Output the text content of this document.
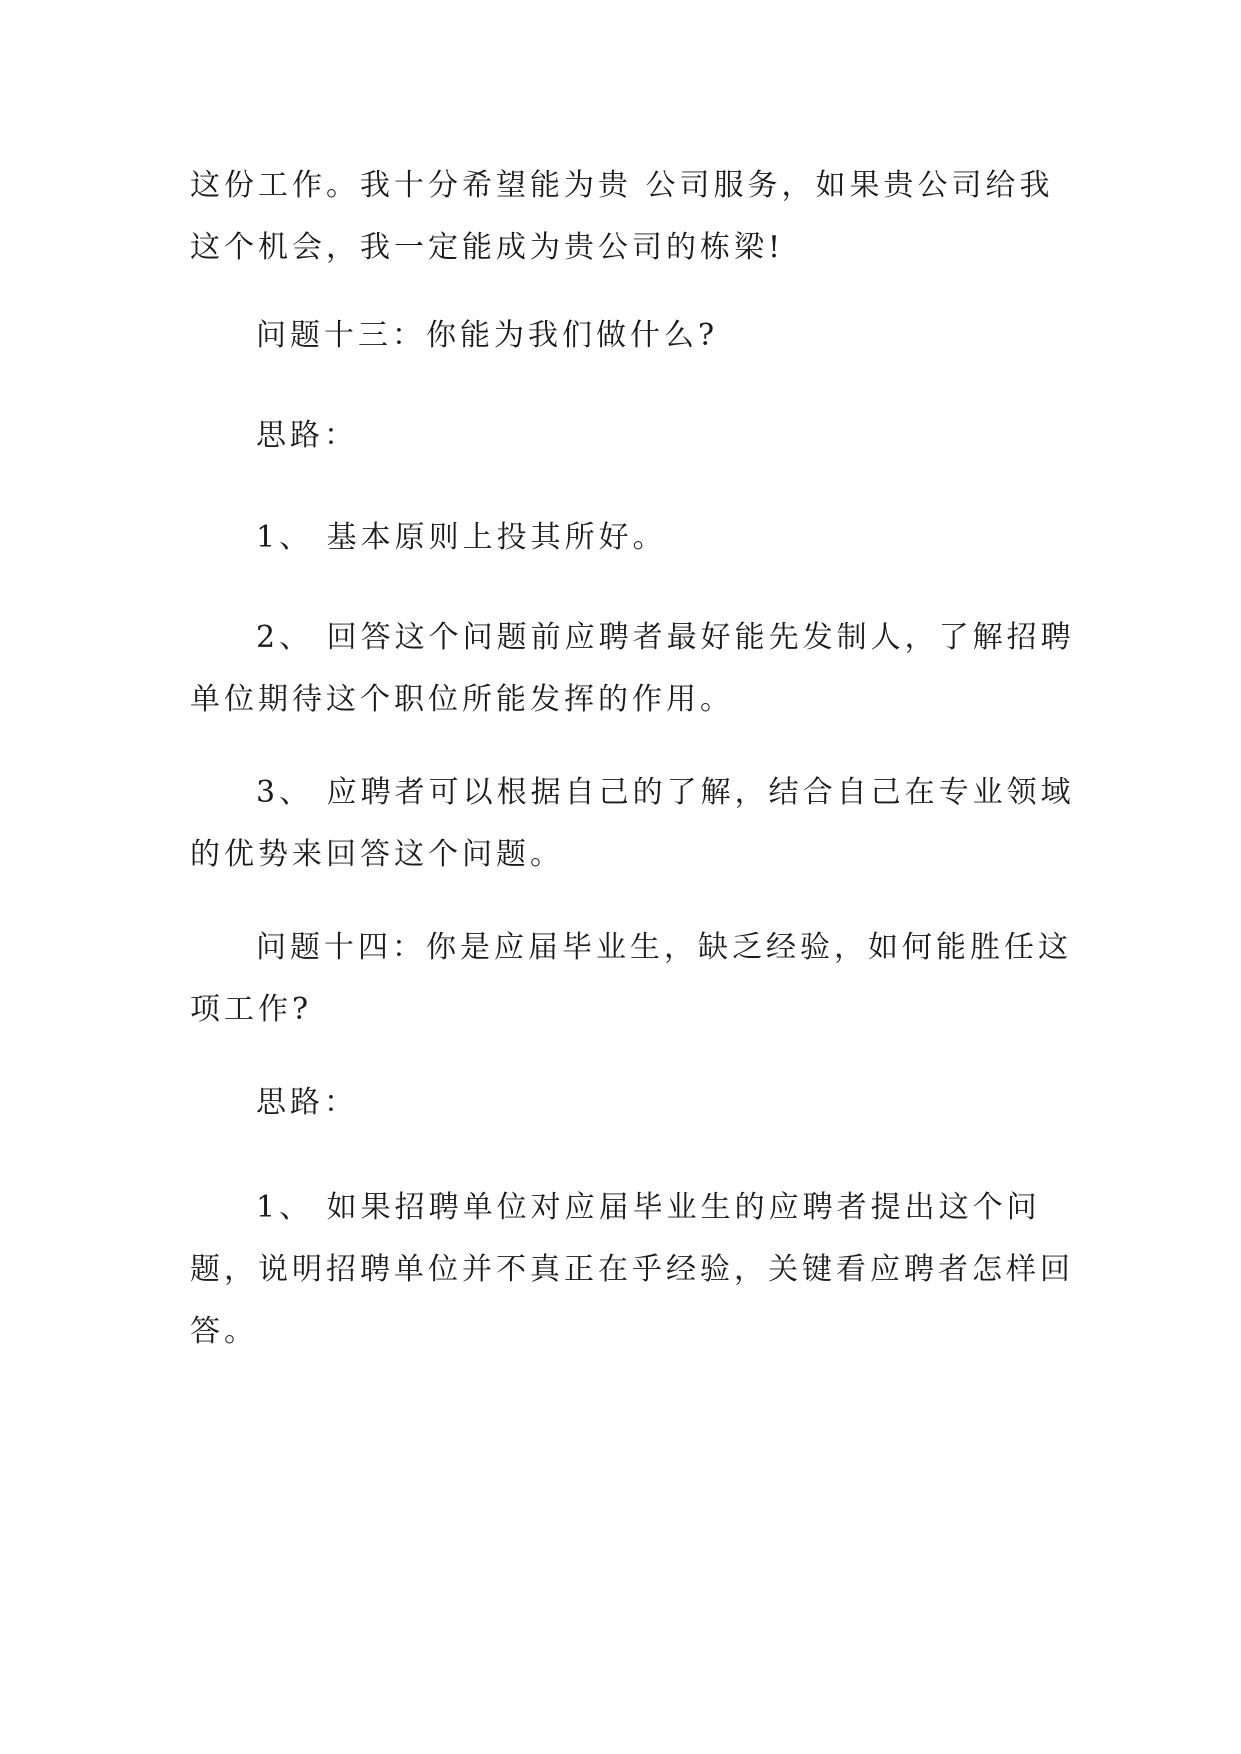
这份工作。我十分希望能为贵 公司服务，如果贵公司给我
这个机会，我一定能成为贵公司的栋梁!

问题十三：你能为我们做什么?

思路：

1、 基本原则上投其所好。

2、 回答这个问题前应聘者最好能先发制人，了解招聘
单位期待这个职位所能发挥的作用。

3、 应聘者可以根据自己的了解，结合自己在专业领域
的优势来回答这个问题。

问题十四：你是应届毕业生，缺乏经验，如何能胜任这
项工作?

思路：

1、 如果招聘单位对应届毕业生的应聘者提出这个问
题，说明招聘单位并不真正在乎经验，关键看应聘者怎样回
答。
